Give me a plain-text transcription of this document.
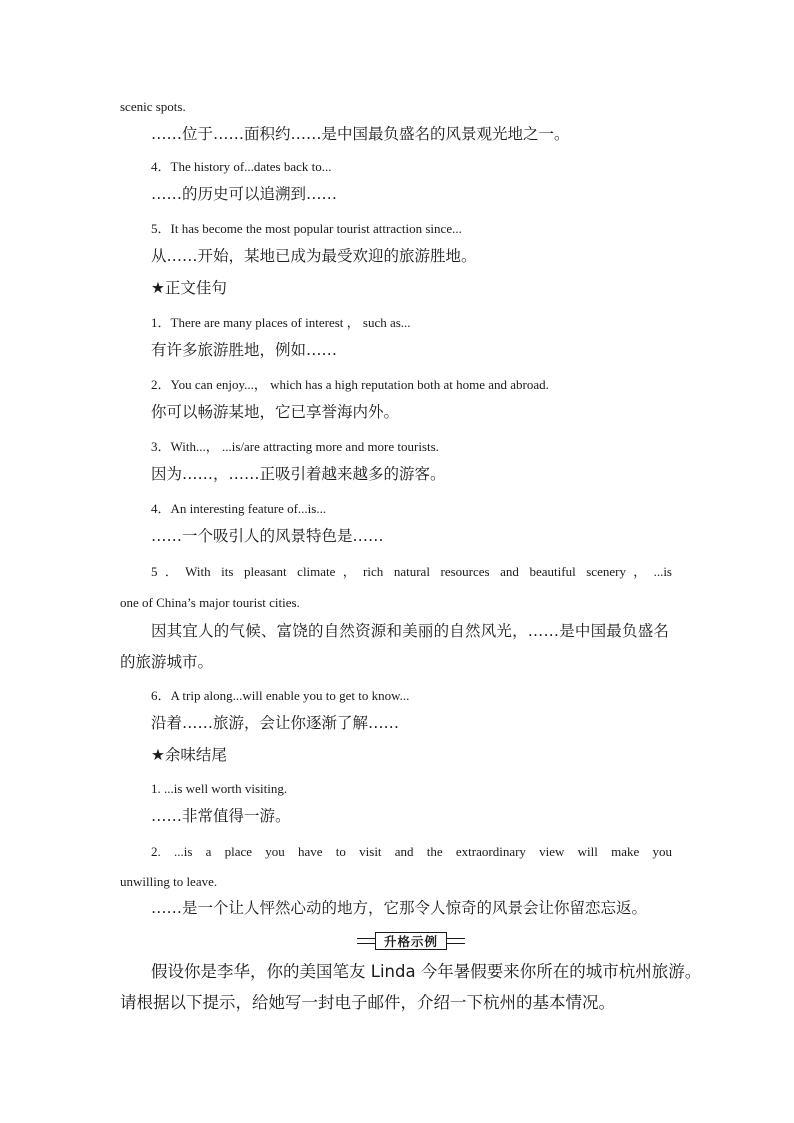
scenic spots.
……位于……面积约……是中国最负盛名的风景观光地之一。
4．The history of...dates back to...
……的历史可以追溯到……
5．It has become the most popular tourist attraction since...
从……开始，某地已成为最受欢迎的旅游胜地。
★正文佳句
1．There are many places of interest ， such as...
有许多旅游胜地，例如……
2．You can enjoy...， which has a high reputation both at home and abroad.
你可以畅游某地，它已享誉海内外。
3．With...， ...is/are attracting more and more tourists.
因为……，……正吸引着越来越多的游客。
4．An interesting feature of...is...
……一个吸引人的风景特色是……
5．With its pleasant climate，rich natural resources and beautiful scenery，...is
one of China’s major tourist cities.
因其宜人的气候、富饶的自然资源和美丽的自然风光，……是中国最负盛名
的旅游城市。
6．A trip along...will enable you to get to know...
沿着……旅游，会让你逐渐了解……
★余味结尾
1. ...is well worth visiting.
……非常值得一游。
2. ...is a place you have to visit and the extraordinary view will make you
unwilling to leave.
……是一个让人怦然心动的地方，它那令人惊奇的风景会让你留恋忘返。
升格示例
假设你是李华，你的美国笔友 Linda 今年暑假要来你所在的城市杭州旅游。
请根据以下提示，给她写一封电子邮件，介绍一下杭州的基本情况。
